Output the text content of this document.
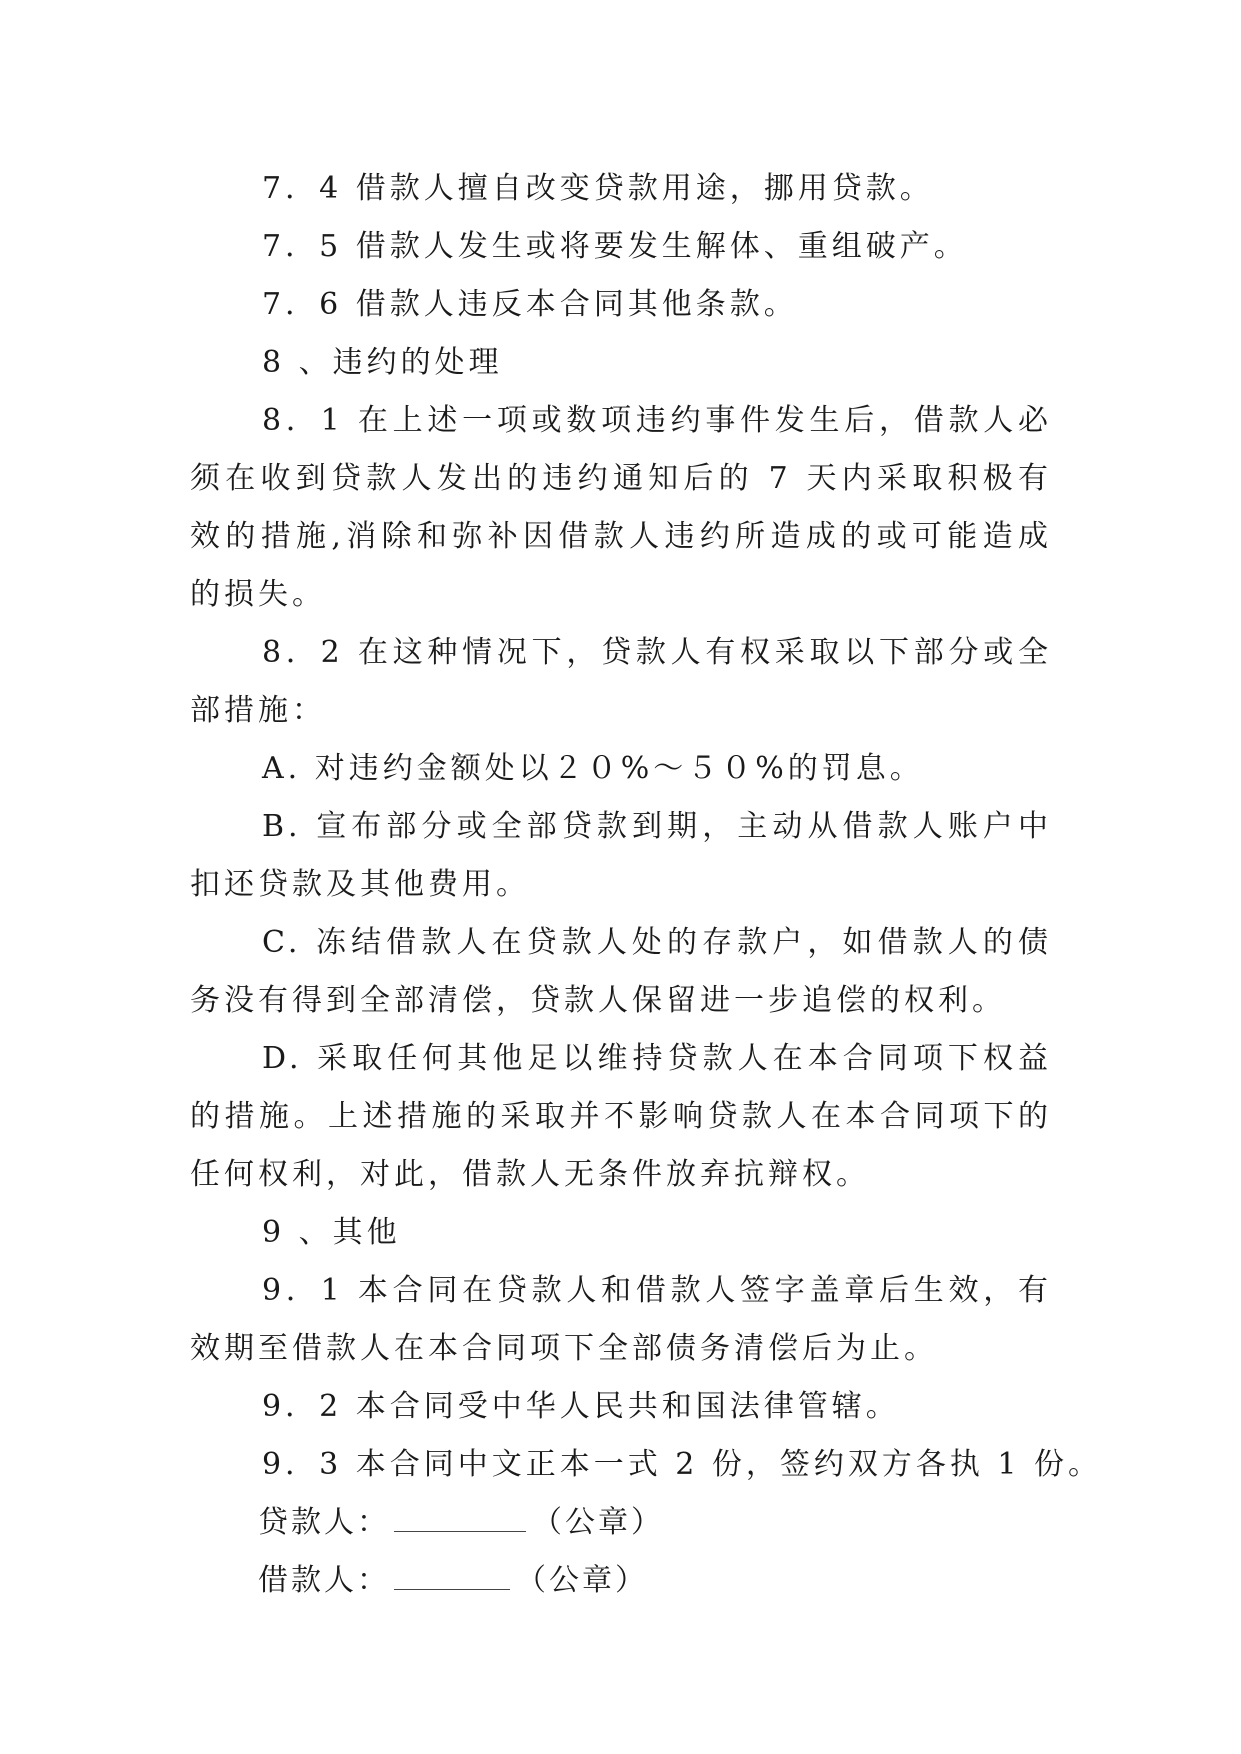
7．4 借款人擅自改变贷款用途，挪用贷款。

7．5 借款人发生或将要发生解体、重组破产。

7．6 借款人违反本合同其他条款。

8 、违约的处理

8．1 在上述一项或数项违约事件发生后，借款人必须在收到贷款人发出的违约通知后的 7 天内采取积极有效的措施,消除和弥补因借款人违约所造成的或可能造成的损失。

8．2 在这种情况下，贷款人有权采取以下部分或全部措施：

A. 对违约金额处以２０%～５０%的罚息。

B. 宣布部分或全部贷款到期，主动从借款人账户中扣还贷款及其他费用。

C. 冻结借款人在贷款人处的存款户，如借款人的债务没有得到全部清偿，贷款人保留进一步追偿的权利。

D. 采取任何其他足以维持贷款人在本合同项下权益的措施。上述措施的采取并不影响贷款人在本合同项下的任何权利，对此，借款人无条件放弃抗辩权。

9 、其他

9．1 本合同在贷款人和借款人签字盖章后生效，有效期至借款人在本合同项下全部债务清偿后为止。

9．2 本合同受中华人民共和国法律管辖。

9．3 本合同中文正本一式 2 份，签约双方各执 1 份。

贷款人：	（公章）

借款人：	（公章）
